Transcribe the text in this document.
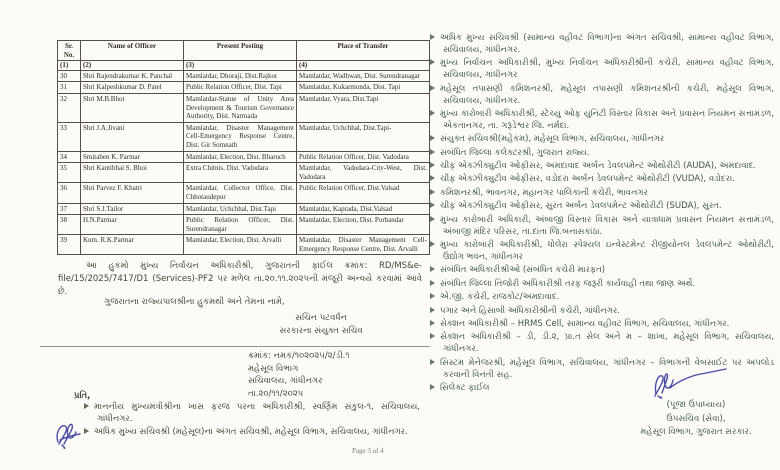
Sr. No.	Name of Officer	Present Posting	Place of Transfer
(1)	(2)	(3)	(4)
30	Shri Rajendrakumar K. Panchal	Mamlatdar, Dhoraji, Dist.Rajkot	Mamlatdar, Wadhwan, Dist. Surendranagar
31	Shri Kalpeshkumar D. Patel	Public Relation Officer, Dist. Tapi	Mamlatdar, Kukarmunda, Dist. Tapi
32	Shri M.B.Bhoi	Mamlatdar-Statue of Unity Area Development & Tourism Governance Authority, Dist. Narmada	Mamlatdar, Vyara, Dist.Tapi
33	Shri J.A.Jivani	Mamlatdar, Disaster Management Cell-Emergency Response Centre, Dist. Gir Somnath	Mamlatdar, Uchchhal, Dist.Tapi-
34	Smitaben K. Parmar	Mamlatdar, Election, Dist. Bharuch	Public Relation Officer, Dist. Vadodara
35	Shri Kantibhai S. Bhoi	Extra Chitnis, Dist. Vadodara	Mamlatdar, Vadodara-City-West, Dist. Vadodara
36	Shri Parvez F. Khatri	Mamlatdar, Collector Office, Dist. Chhotaudepur	Public Relation Officer, Dist.Valsad
37	Shri S.J.Tailor	Mamlatdar, Uchchhal, Dist.Tapi	Mamlatdar, Kaprada, Dist.Valsad
38	H.N.Parmar	Public Relation Officer, Dist. Surendranagar	Mamlatdar, Election, Dist. Porbandar
39	Kum. R.K.Parmar	Mamlatdar, Election, Dist. Arvalli	Mamlatdar, Disaster Management Cell-Emergency Response Centre, Dist. Arvalli
આ હુકમો મુખ્ય નિર્વાચન અધિકારીશ્રી, ગુજરાતની ફાઈલ ક્રમાંક: RD/MS&e-file/15/2025/7417/D1 (Services)-PF2 પર મળેલ તા.૨૦.૧૧.૨૦૨૫ની મંજૂરી અન્વયે કરવામાં આવે છે.
ગુજરાતના રાજ્યપાલશ્રીના હુકમથી અને તેમના નામે,
સચિન પટવર્ધન
સરકારના સંયુક્ત સચિવ
ક્રમાંક: નમક/૧૦૨૦૨૫/૨/ડી.૧
મહેસૂલ વિભાગ
સચિવાલય, ગાંધીનગર
તા.૨૦/૧૧/૨૦૨૫
પ્રતિ,
માનનીય મુખ્યમંત્રીશ્રીના ખાસ ફરજ પરના અધિકારીશ્રી, સ્વર્ણિમ સંકુલ-૧, સચિવાલય, ગાંધીનગર.
અધિક મુખ્ય સચિવશ્રી (મહેસૂલ)ના અંગત સચિવશ્રી, મહેસૂલ વિભાગ, સચિવાલય, ગાંધીનગર.
Page 3 of 4
અધિક મુખ્ય સચિવશ્રી (સામાન્ય વહીવટ વિભાગ)ના અંગત સચિવશ્રી, સામાન્ય વહીવટ વિભાગ, સચિવાલય, ગાંધીનગર.
મુખ્ય નિર્વાચન અધિકારીશ્રી, મુખ્ય નિર્વાચન અધિકારીશ્રીની કચેરી, સામાન્ય વહીવટ વિભાગ, સચિવાલય, ગાંધીનગર
મહેસૂલ તપાસણી કમિશનરશ્રી, મહેસૂલ તપાસણી કમિશનરશ્રીની કચેરી, મહેસૂલ વિભાગ, સચિવાલય, ગાંધીનગર.
મુખ્ય કારોબારી અધિકારીશ્રી, સ્ટેચ્યુ ઓફ યુનિટી વિસ્તાર વિકાસ અને પ્રવાસન નિયમન સત્તામંડળ, એકતાનગર, તા. ગરૂડેશ્વર જિ. નર્મદા.
સંયુક્ત સચિવશ્રી(મહેકમ), મહેસૂલ વિભાગ, સચિવાલય, ગાંધીનગર
સંબંધિત જિલ્લા કલેક્ટરશ્રી, ગુજરાત રાજ્ય.
ચીફ એક્ઝીક્યુટીવ ઓફીસર, અમદાવાદ અર્બન ડેવલપમેન્ટ ઓથોરીટી (AUDA), અમદાવાદ.
ચીફ એક્ઝીક્યુટીવ ઓફીસર, વડોદરા અર્બન ડેવલપમેન્ટ ઓથોરીટી (VUDA), વડોદરા.
કમિશનરશ્રી, ભાવનગર, મહાનગર પાલિકાની કચેરી, ભાવનગર
ચીફ એક્ઝીક્યુટીવ ઓફીસર, સુરત અર્બન ડેવલપમેન્ટ ઓથોરીટી (SUDA), સુરત.
મુખ્ય કારોબારી અધિકારી, અંબાજી વિસ્તાર વિકાસ અને યાત્રાધામ પ્રવાસન નિયમન સત્તામંડળ, અંબાજી મંદિર પરિસર, તા.દાંતા જિ.બનાસકાંઠા.
મુખ્ય કારોબારી અધિકારીશ્રી, ધોલેરા સ્પેશ્યલ ઇન્વેસ્ટમેન્ટ રીજીયોનલ ડેવલપમેન્ટ ઓથોરીટી, ઉદ્યોગ ભવન, ગાંધીનગર
સંબંધિત અધિકારીશ્રીઓ (સંબંધિત કચેરી મારફત)
સંબંધિત જિલ્લા તિજોરી અધિકારીશ્રી તરફ જરૂરી કાર્યવાહી તથા જાણ અર્થે.
એ.જી. કચેરી, રાજકોટ/અમદાવાદ.
પગાર અને હિસાબી અધિકારીશ્રીની કચેરી, ગાંધીનગર.
સેક્શન અધિકારીશ્રી – HRMS Cell, સામાન્ય વહીવટ વિભાગ, સચિવાલય, ગાંધીનગર.
સેક્શન અધિકારીશ્રી – ડી, ડી.૨, પ્રા.ત સેલ અને મ – શાખા, મહેસૂલ વિભાગ, સચિવાલય, ગાંધીનગર.
સિસ્ટમ મેનેજરશ્રી, મહેસૂલ વિભાગ, સચિવાલય, ગાંધીનગર – વિભાગની વેબસાઈટ પર અપલોડ કરવાની વિનંતી સહ.
સિલેક્ટ ફાઈલ
(પૂજા ઉપાધ્યાય)
ઉપસચિવ (સેવા),
મહેસૂલ વિભાગ, ગુજરાત સરકાર.
